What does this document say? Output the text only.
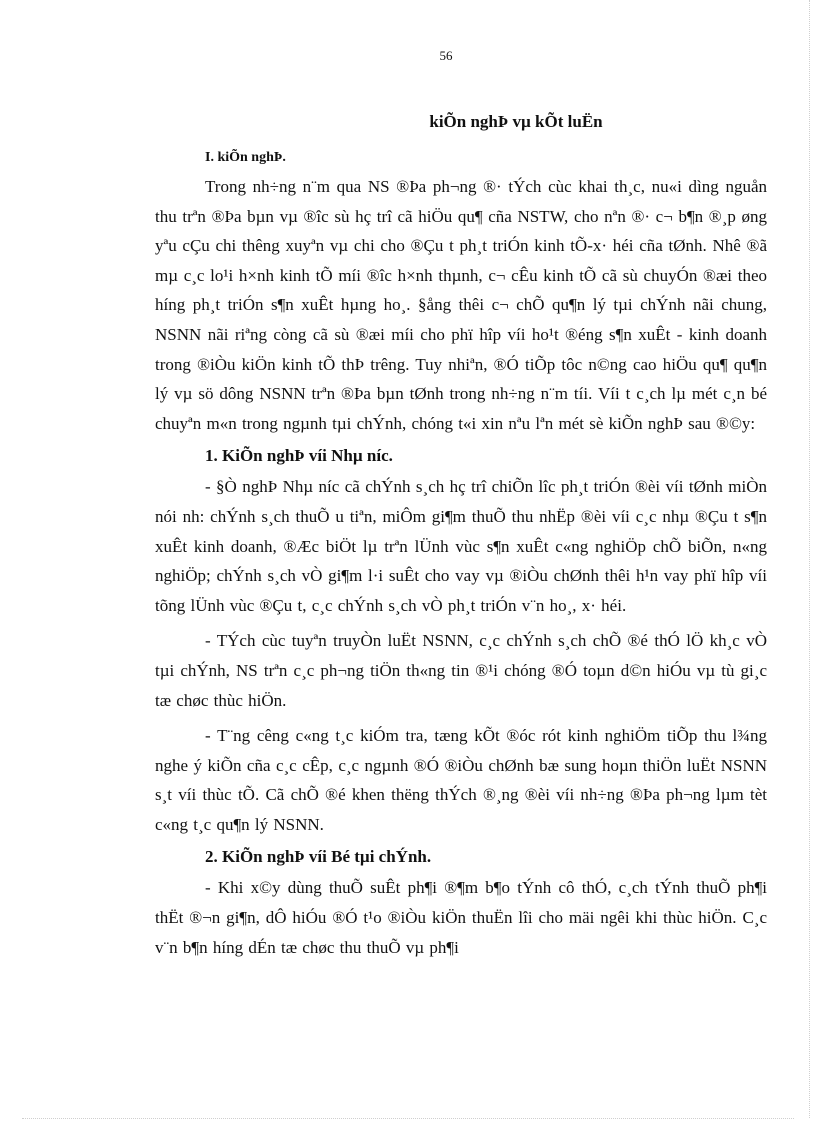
56
kiÕn nghÞ vµ kÕt luËn
I. kiÕn nghÞ.

Trong nh÷ng n¨m qua NS ®Þa ph¬ng ®· tÝch cùc khai th¸c, nu«i dìng nguån thu trªn ®Þa bµn vµ ®îc sù hç trî cã hiÖu qu¶ cña NSTW, cho nªn ®· c¬ b¶n ®¸p øng yªu cÇu chi thêng xuyªn vµ chi cho ®Çu t ph¸t triÓn kinh tÕ-x· héi cña tØnh. Nhê ®ã mµ c¸c lo¹i h×nh kinh tÕ míi ®îc h×nh thµnh, c¬ cÊu kinh tÕ cã sù chuyÓn ®æi theo híng ph¸t triÓn s¶n xuÊt hµng ho¸. §ång thêi c¬ chÕ qu¶n lý tµi chÝnh nãi chung, NSNN nãi riªng còng cã sù ®æi míi cho phï hîp víi ho¹t ®éng s¶n xuÊt - kinh doanh trong ®iÒu kiÖn kinh tÕ thÞ trêng. Tuy nhiªn, ®Ó tiÕp tôc n©ng cao hiÖu qu¶ qu¶n lý vµ sö dông NSNN trªn ®Þa bµn tØnh trong nh÷ng n¨m tíi. Víi t c¸ch lµ mét c¸n bé chuyªn m«n trong ngµnh tµi chÝnh, chóng t«i xin nªu lªn mét sè kiÕn nghÞ sau ®©y:

1. KiÕn nghÞ víi Nhµ níc.

- §Ò nghÞ Nhµ níc cã chÝnh s¸ch hç trî chiÕn lîc ph¸t triÓn ®èi víi tØnh miÒn nói nh: chÝnh s¸ch thuÕ u tiªn, miÔm gi¶m thuÕ thu nhËp ®èi víi c¸c nhµ ®Çu t s¶n xuÊt kinh doanh, ®Æc biÖt lµ trªn lÜnh vùc s¶n xuÊt c«ng nghiÖp chÕ biÕn, n«ng nghiÖp; chÝnh s¸ch vÒ gi¶m l·i suÊt cho vay vµ ®iÒu chØnh thêi h¹n vay phï hîp víi tõng lÜnh vùc ®Çu t, c¸c chÝnh s¸ch vÒ ph¸t triÓn v¨n ho¸, x· héi.

- TÝch cùc tuyªn truyÒn luËt NSNN, c¸c chÝnh s¸ch chÕ ®é thÓ lÖ kh¸c vÒ tµi chÝnh, NS trªn c¸c ph¬ng tiÖn th«ng tin ®¹i chóng ®Ó toµn d©n hiÓu vµ tù gi¸c tæ chøc thùc hiÖn.

- T¨ng cêng c«ng t¸c kiÓm tra, tæng kÕt ®óc rót kinh nghiÖm tiÕp thu l¾ng nghe ý kiÕn cña c¸c cÊp, c¸c ngµnh ®Ó ®iÒu chØnh bæ sung hoµn thiÖn luËt NSNN s¸t víi thùc tÕ. Cã chÕ ®é khen thëng thÝch ®¸ng ®èi víi nh÷ng ®Þa ph¬ng lµm tèt c«ng t¸c qu¶n lý NSNN.

2. KiÕn nghÞ víi Bé tµi chÝnh.

- Khi x©y dùng thuÕ suÊt ph¶i ®¶m b¶o tÝnh cô thÓ, c¸ch tÝnh thuÕ ph¶i thËt ®¬n gi¶n, dÔ hiÓu ®Ó t¹o ®iÒu kiÖn thuËn lîi cho mäi ngêi khi thùc hiÖn. C¸c v¨n b¶n híng dÉn tæ chøc thu thuÕ vµ ph¶i
